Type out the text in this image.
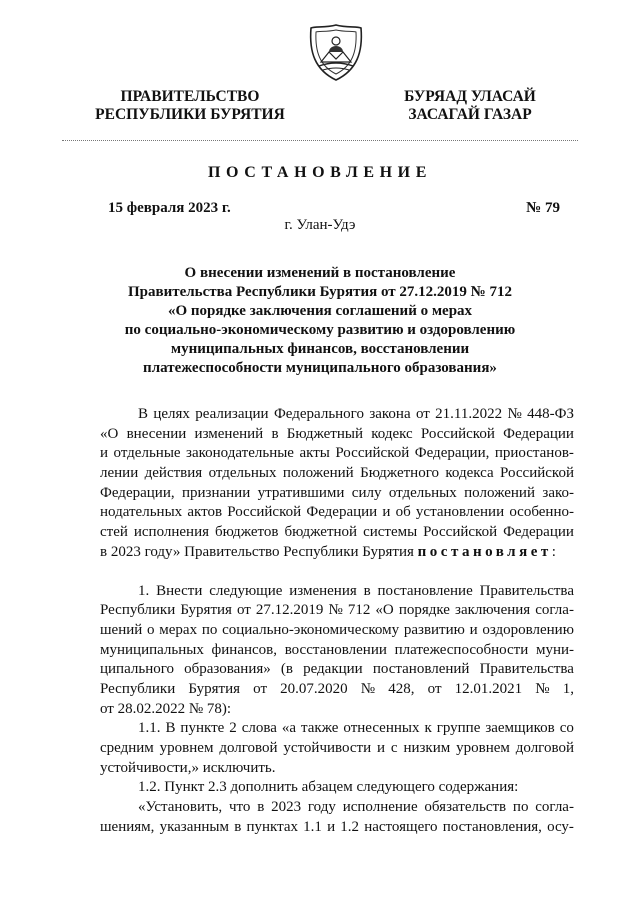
ПРАВИТЕЛЬСТВО
РЕСПУБЛИКИ БУРЯТИЯ
БУРЯАД УЛАСАЙ
ЗАСАГАЙ ГАЗАР
ПОСТАНОВЛЕНИЕ
15 февраля 2023 г.	№ 79
г. Улан-Удэ
О внесении изменений в постановление
Правительства Республики Бурятия от 27.12.2019 № 712
«О порядке заключения соглашений о мерах
по социально-экономическому развитию и оздоровлению
муниципальных финансов, восстановлении
платежеспособности муниципального образования»
В целях реализации Федерального закона от 21.11.2022 № 448-ФЗ
«О внесении изменений в Бюджетный кодекс Российской Федерации
и отдельные законодательные акты Российской Федерации, приостанов-
лении действия отдельных положений Бюджетного кодекса Российской
Федерации, признании утратившими силу отдельных положений зако-
нодательных актов Российской Федерации и об установлении особенно-
стей исполнения бюджетов бюджетной системы Российской Федерации
в 2023 году» Правительство Республики Бурятия
постановляет :
1. Внести следующие изменения в постановление Правительства
Республики Бурятия от 27.12.2019 № 712 «О порядке заключения согла-
шений о мерах по социально-экономическому развитию и оздоровлению
муниципальных финансов, восстановлении платежеспособности муни-
ципального образования» (в редакции постановлений Правительства
Республики Бурятия от 20.07.2020 № 428, от 12.01.2021 № 1,
от 28.02.2022 № 78):
1.1. В пункте 2 слова «а также отнесенных к группе заемщиков со
средним уровнем долговой устойчивости и с низким уровнем долговой
устойчивости,» исключить.
1.2. Пункт 2.3 дополнить абзацем следующего содержания:
«Установить, что в 2023 году исполнение обязательств по согла-
шениям, указанным в пунктах 1.1 и 1.2 настоящего постановления, осу-
